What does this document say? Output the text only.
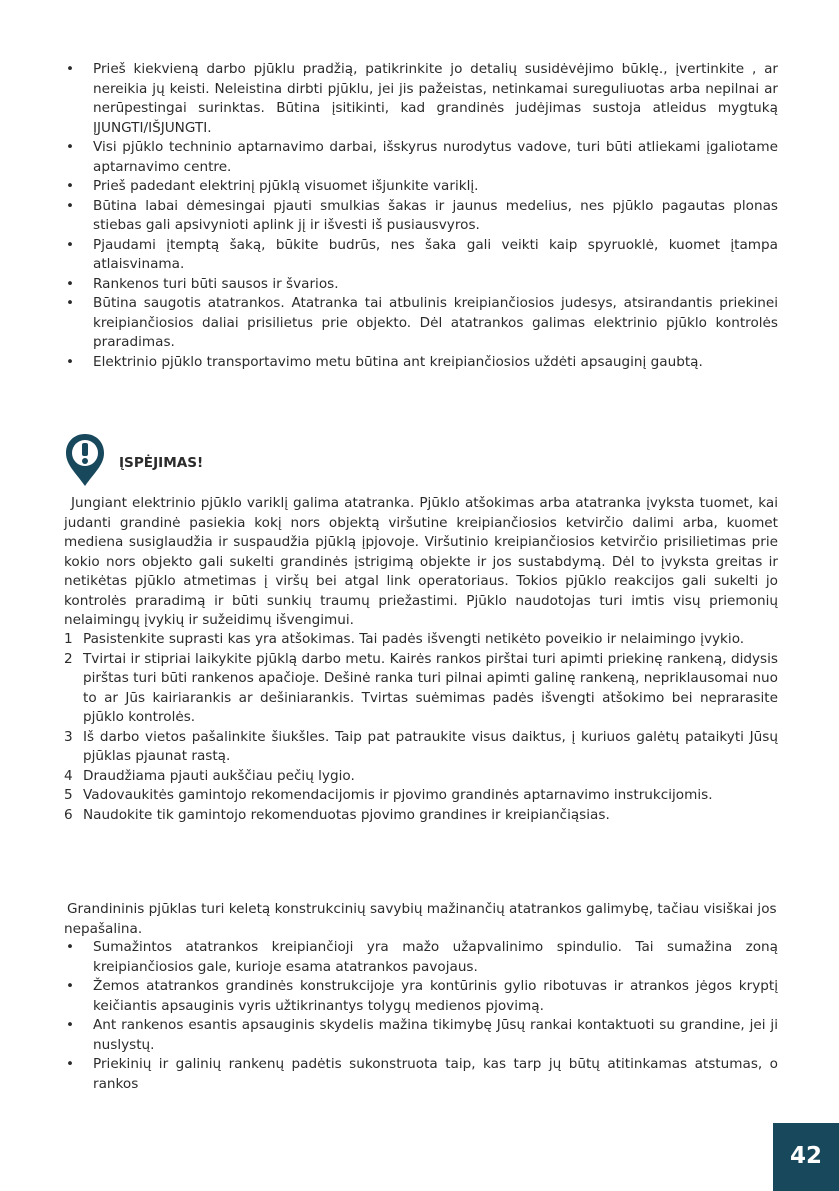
• Prieš kiekvieną darbo pjūklu pradžią, patikrinkite jo detalių susidėvėjimo būklę., įvertinkite , ar nereikia jų keisti. Neleistina dirbti pjūklu, jei jis pažeistas, netinkamai sureguliuotas arba nepilnai ar nerūpestingai surinktas. Būtina įsitikinti, kad grandinės judėjimas sustoja atleidus mygtuką ĮJUNGTI/IŠJUNGTI.
• Visi pjūklo techninio aptarnavimo darbai, išskyrus nurodytus vadove, turi būti atliekami įgaliotame aptarnavimo centre.
• Prieš padedant elektrinį pjūklą visuomet išjunkite variklį.
• Būtina labai dėmesingai pjauti smulkias šakas ir jaunus medelius, nes pjūklo pagautas plonas stiebas gali apsivynioti aplink jį ir išvesti iš pusiausvyros.
• Pjaudami įtemptą šaką, būkite budrūs, nes šaka gali veikti kaip spyruoklė, kuomet įtampa atlaisvinama.
• Rankenos turi būti sausos ir švarios.
• Būtina saugotis atatrankos. Atatranka tai atbulinis kreipiančiosios judesys, atsirandantis priekinei kreipiančiosios daliai prisilietus prie objekto. Dėl atatrankos galimas elektrinio pjūklo kontrolės praradimas.
• Elektrinio pjūklo transportavimo metu būtina ant kreipiančiosios uždėti apsauginį gaubtą.
ĮSPĖJIMAS!

Jungiant elektrinio pjūklo variklį galima atatranka. Pjūklo atšokimas arba atatranka įvyksta tuomet, kai judanti grandinė pasiekia kokį nors objektą viršutine kreipiančiosios ketvirčio dalimi arba, kuomet mediena susiglaudžia ir suspaudžia pjūklą įpjovoje. Viršutinio kreipiančiosios ketvirčio prisilietimas prie kokio nors objekto gali sukelti grandinės įstrigimą objekte ir jos sustabdymą. Dėl to įvyksta greitas ir netikėtas pjūklo atmetimas į viršų bei atgal link operatoriaus. Tokios pjūklo reakcijos gali sukelti jo kontrolės praradimą ir būti sunkių traumų priežastimi. Pjūklo naudotojas turi imtis visų priemonių nelaimingų įvykių ir sužeidimų išvengimui.

1 Pasistenkite suprasti kas yra atšokimas. Tai padės išvengti netikėto poveikio ir nelaimingo įvykio.
2 Tvirtai ir stipriai laikykite pjūklą darbo metu. Kairės rankos pirštai turi apimti priekinę rankeną, didysis pirštas turi būti rankenos apačioje. Dešinė ranka turi pilnai apimti galinę rankeną, nepriklausomai nuo to ar Jūs kairiarankis ar dešiniarankis. Tvirtas suėmimas padės išvengti atšokimo bei neprarasite pjūklo kontrolės.
3 Iš darbo vietos pašalinkite šiukšles. Taip pat patraukite visus daiktus, į kuriuos galėtų pataikyti Jūsų pjūklas pjaunat rastą.
4 Draudžiama pjauti aukščiau pečių lygio.
5 Vadovaukitės gamintojo rekomendacijomis ir pjovimo grandinės aptarnavimo instrukcijomis.
6 Naudokite tik gamintojo rekomenduotas pjovimo grandines ir kreipiančiąsias.

Grandininis pjūklas turi keletą konstrukcinių savybių mažinančių atatrankos galimybę, tačiau visiškai jos nepašalina.

• Sumažintos atatrankos kreipiančioji yra mažo užapvalinimo spindulio. Tai sumažina zoną kreipiančiosios gale, kurioje esama atatrankos pavojaus.
• Žemos atatrankos grandinės konstrukcijoje yra kontūrinis gylio ribotuvas ir atrankos jėgos kryptį keičiantis apsauginis vyris užtikrinantys tolygų medienos pjovimą.
• Ant rankenos esantis apsauginis skydelis mažina tikimybę Jūsų rankai kontaktuoti su grandine, jei ji nuslystų.
• Priekinių ir galinių rankenų padėtis sukonstruota taip, kas tarp jų būtų atitinkamas atstumas, o rankos
42
